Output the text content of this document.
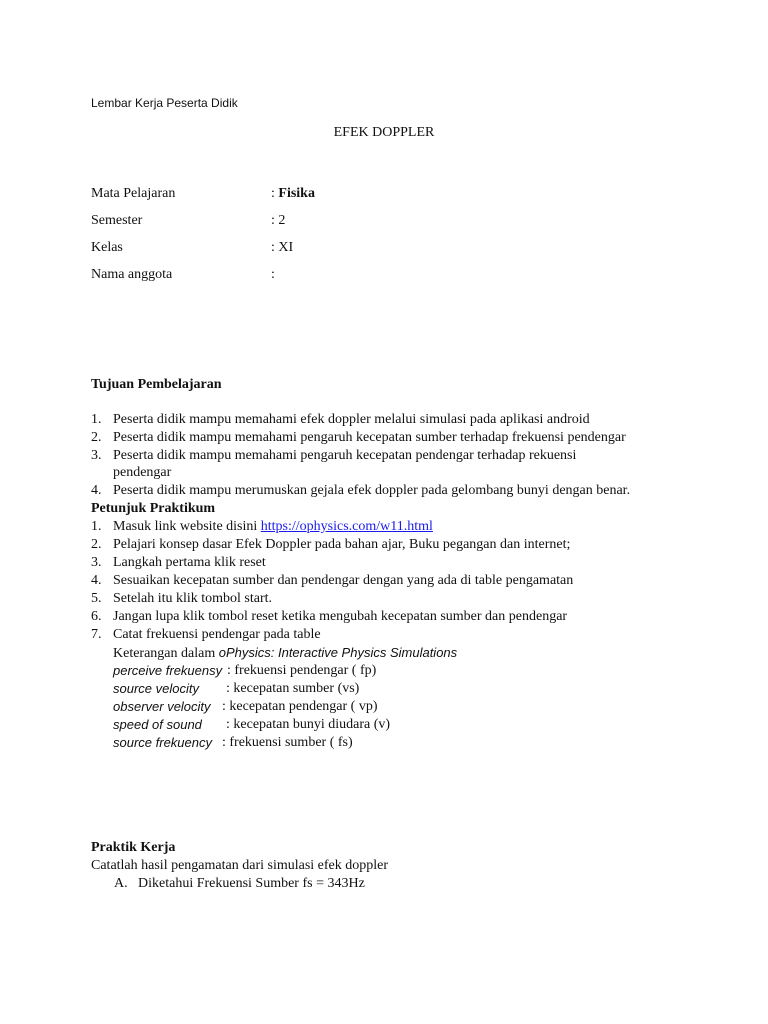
Lembar Kerja Peserta Didik
EFEK DOPPLER
Mata Pelajaran	: Fisika
Semester	: 2
Kelas	: XI
Nama anggota	:
Tujuan Pembelajaran
1. Peserta didik mampu memahami efek doppler melalui simulasi pada aplikasi android
2. Peserta didik mampu memahami pengaruh kecepatan sumber terhadap frekuensi pendengar
3. Peserta didik mampu memahami pengaruh kecepatan pendengar terhadap rekuensi
pendengar
4. Peserta didik mampu merumuskan gejala efek doppler pada gelombang bunyi dengan benar.
Petunjuk Praktikum
1. Masuk link website disini https://ophysics.com/w11.html
2. Pelajari konsep dasar Efek Doppler pada bahan ajar, Buku pegangan dan internet;
3. Langkah pertama klik reset
4. Sesuaikan kecepatan sumber dan pendengar dengan yang ada di table pengamatan
5. Setelah itu klik tombol start.
6. Jangan lupa klik tombol reset ketika mengubah kecepatan sumber dan pendengar
7. Catat frekuensi pendengar pada table
Keterangan dalam oPhysics: Interactive Physics Simulations
perceive frekuensy : frekuensi pendengar ( fp)
source velocity : kecepatan sumber (vs)
observer velocity : kecepatan pendengar ( vp)
speed of sound : kecepatan bunyi diudara (v)
source frekuency : frekuensi sumber ( fs)
Praktik Kerja
Catatlah hasil pengamatan dari simulasi efek doppler
A. Diketahui Frekuensi Sumber fs = 343Hz
